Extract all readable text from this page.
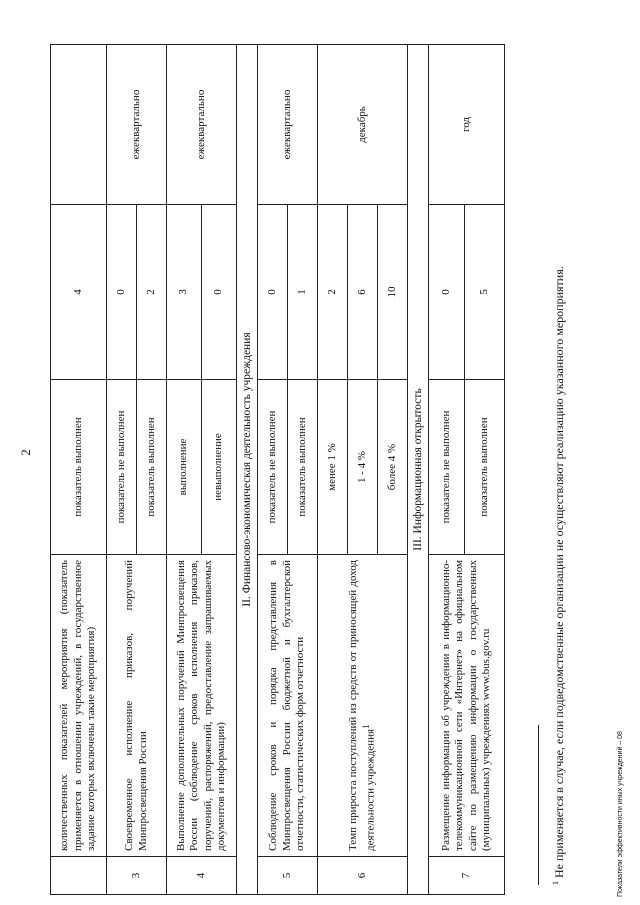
2
	количественных показателей мероприятия (показатель применяется в отношении учреждений, в государственное задание которых включены такие мероприятия)	показатель выполнен	4	
3	Своевременное исполнение приказов, поручений Минпросвещения России	показатель не выполнен	0	ежеквартально
		показатель выполнен	2	
4	Выполнение дополнительных поручений Минпросвещения России (соблюдение сроков исполнения приказов, поручений, распоряжений, предоставление запрашиваемых документов и информации)	выполнение	3	ежеквартально
		невыполнение	0	
II. Финансово-экономическая деятельность учреждения				
5	Соблюдение сроков и порядка представления в Минпросвещения России бюджетной и бухгалтерской отчетности, статистических форм отчетности	показатель не выполнен	0	ежеквартально
		показатель выполнен	1	
6	Темп прироста поступлений из средств от приносящей доход деятельности учреждения$^1$	менее 1 %	2	декабрь
		1 - 4 %	6	
		более 4 %	10	
III. Информационная открытость				
7	Размещение информации об учреждении в информационно-телекоммуникационной сети «Интернет» на официальном сайте по размещению информации о государственных (муниципальных) учреждениях www.bus.gov.ru	показатель не выполнен	0	год
		показатель выполнен	5	
$^1$ Не применяется в случае, если подведомственные организации не осуществляют реализацию указанного мероприятия.	Показатели эффективности иных учреждений – 08
